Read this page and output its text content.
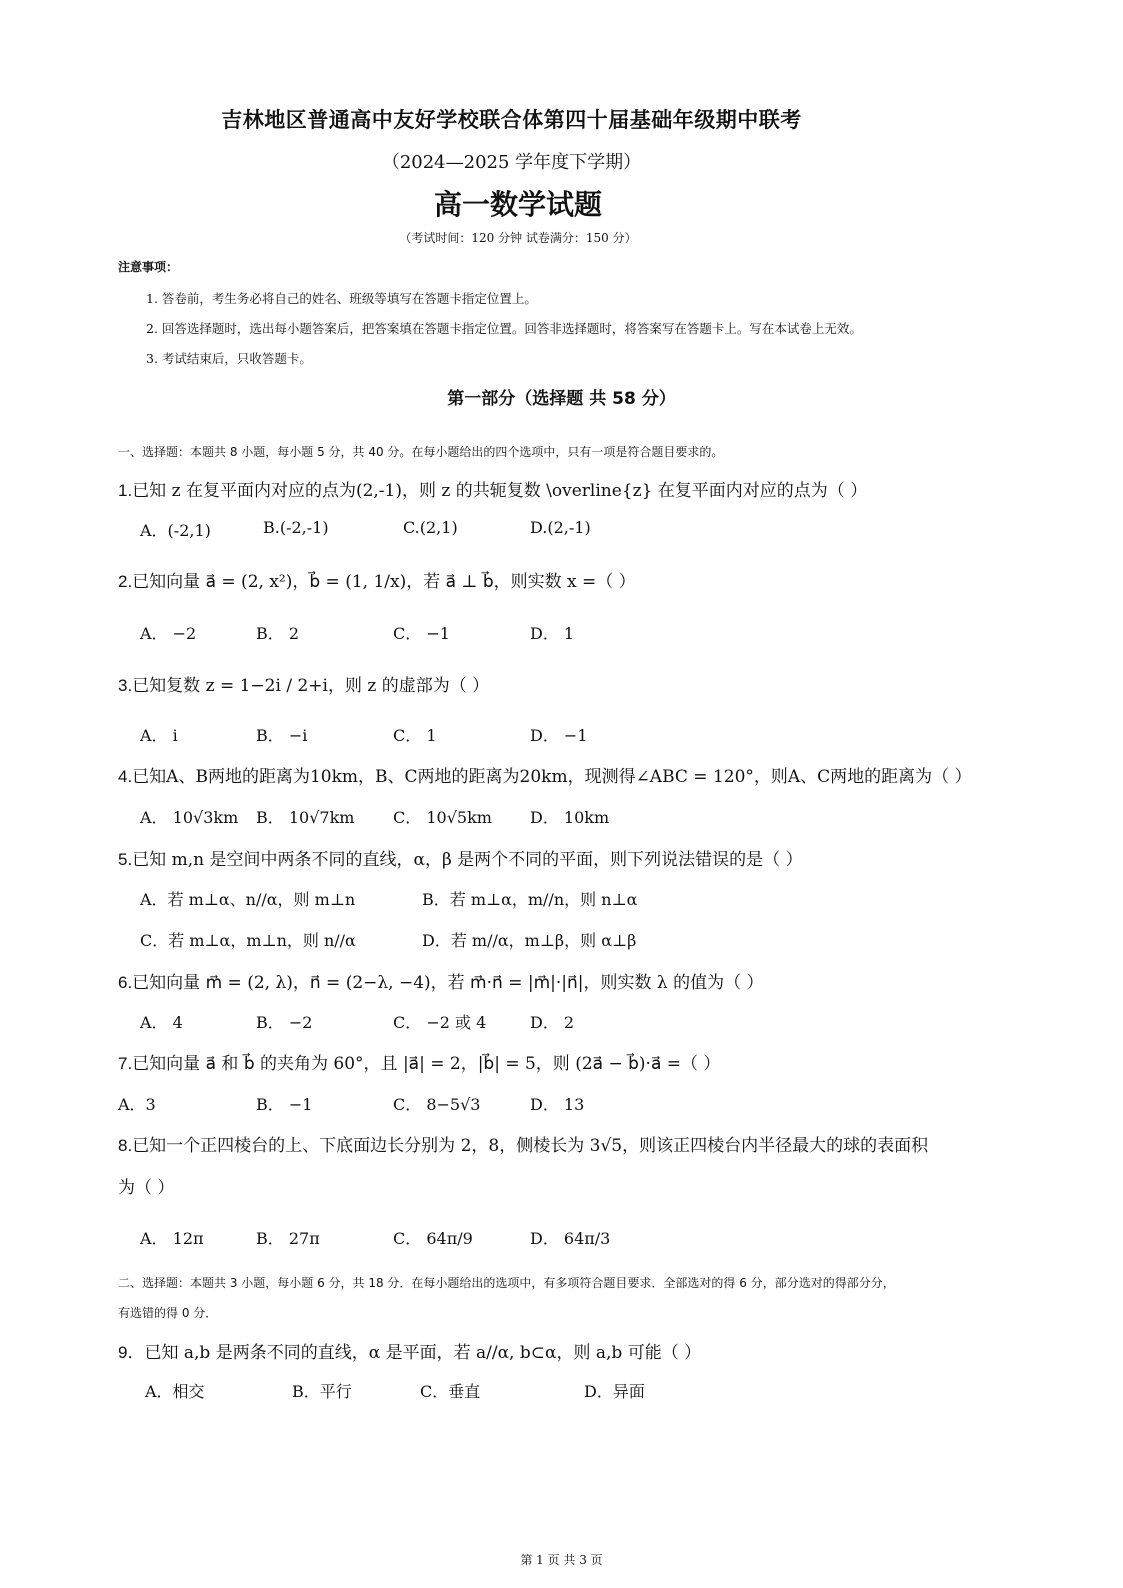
吉林地区普通高中友好学校联合体第四十届基础年级期中联考
（2024—2025 学年度下学期）
高一数学试题
（考试时间：120 分钟 试卷满分：150 分）
注意事项：
1. 答卷前，考生务必将自己的姓名、班级等填写在答题卡指定位置上。
2. 回答选择题时，选出每小题答案后，把答案填在答题卡指定位置。回答非选择题时，将答案写在答题卡上。写在本试卷上无效。
3. 考试结束后，只收答题卡。
第一部分（选择题 共 58 分）
一、选择题：本题共 8 小题，每小题 5 分，共 40 分。在每小题给出的四个选项中，只有一项是符合题目要求的。
1.已知 z 在复平面内对应的点为(2,-1)，则 z 的共轭复数 \overline{z} 在复平面内对应的点为（ ）
A．(-2,1)	B.(-2,-1)	C.(2,1)	D.(2,-1)
2.已知向量 a⃗ = (2, x²)，b⃗ = (1, 1/x)，若 a⃗ ⊥ b⃗，则实数 x =（ ）
A． −2	B． 2	C． −1	D． 1
3.已知复数 z = 1−2i / 2+i，则 z 的虚部为（ ）
A． i	B． −i	C． 1	D． −1
4.已知A、B两地的距离为10km，B、C两地的距离为20km，现测得∠ABC = 120°，则A、C两地的距离为（ ）
A． 10√3km B． 10√7km C． 10√5km D． 10km
5.已知 m,n 是空间中两条不同的直线，α，β 是两个不同的平面，则下列说法错误的是（ ）
A．若 m⊥α、n//α，则 m⊥n	B．若 m⊥α，m//n，则 n⊥α
C．若 m⊥α，m⊥n，则 n//α	D．若 m//α，m⊥β，则 α⊥β
6.已知向量 m⃗ = (2, λ)，n⃗ = (2−λ, −4)，若 m⃗·n⃗ = |m⃗|·|n⃗|，则实数 λ 的值为（ ）
A． 4	B． −2	C． −2 或 4	D． 2
7.已知向量 a⃗ 和 b⃗ 的夹角为 60°，且 |a⃗| = 2，|b⃗| = 5，则 (2a⃗ − b⃗)·a⃗ =（ ）
A．3	B． −1	C． 8−5√3	D． 13
8.已知一个正四棱台的上、下底面边长分别为 2，8，侧棱长为 3√5，则该正四棱台内半径最大的球的表面积
为（ ）
A． 12π	B． 27π	C． 64π/9	D． 64π/3
二、选择题：本题共 3 小题，每小题 6 分，共 18 分．在每小题给出的选项中，有多项符合题目要求．全部选对的得 6 分，部分选对的得部分分，
有选错的得 0 分．
9．已知 a,b 是两条不同的直线，α 是平面，若 a//α, b⊂α，则 a,b 可能（ ）
A．相交	B．平行	C．垂直	D．异面
第 1 页 共 3 页
